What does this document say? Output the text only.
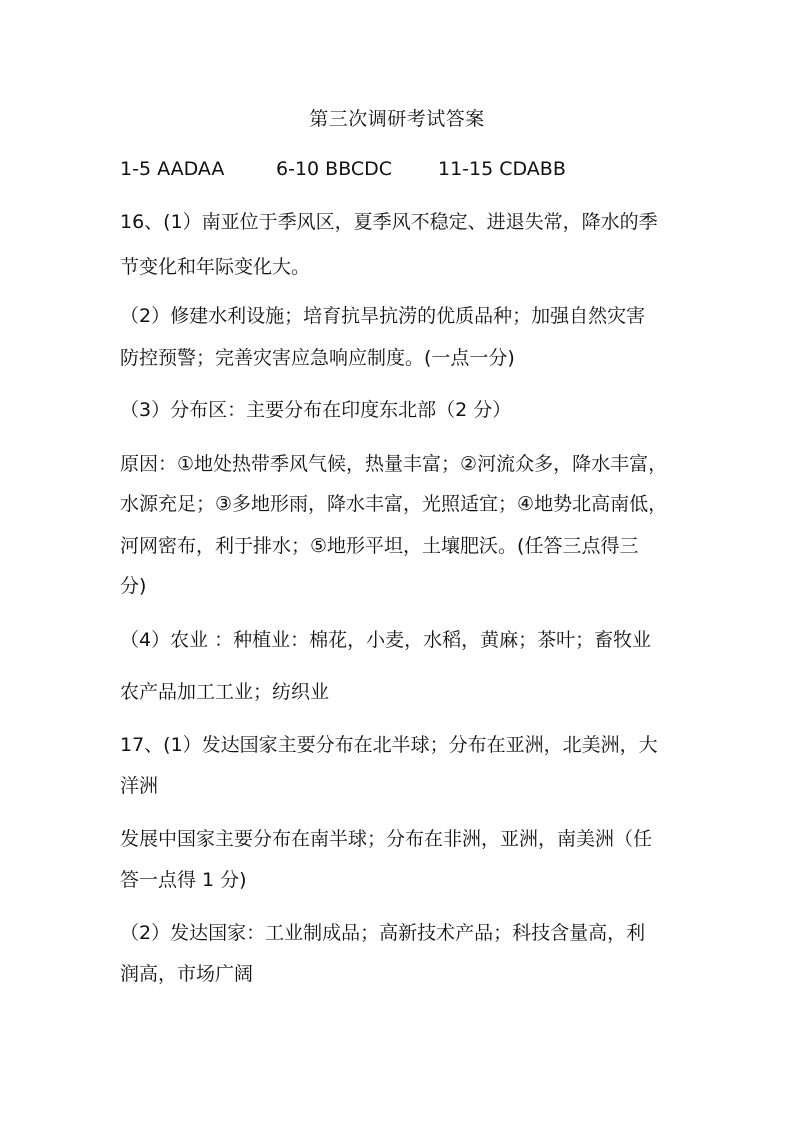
第三次调研考试答案
1-5 AADAA	6-10 BBCDC 11-15 CDABB
16、(1）南亚位于季风区，夏季风不稳定、进退失常，降水的季
节变化和年际变化大。
（2）修建水利设施；培育抗旱抗涝的优质品种；加强自然灾害
防控预警；完善灾害应急响应制度。(一点一分)
（3）分布区：主要分布在印度东北部（2 分）
原因：①地处热带季风气候，热量丰富；②河流众多，降水丰富，
水源充足；③多地形雨，降水丰富，光照适宜；④地势北高南低，
河网密布，利于排水；⑤地形平坦，土壤肥沃。(任答三点得三
分)
（4）农业 ：种植业：棉花，小麦，水稻，黄麻；茶叶；畜牧业
农产品加工工业；纺织业
17、(1）发达国家主要分布在北半球；分布在亚洲，北美洲，大
洋洲
发展中国家主要分布在南半球；分布在非洲，亚洲，南美洲（任
答一点得 1 分)
（2）发达国家：工业制成品；高新技术产品；科技含量高，利
润高，市场广阔
